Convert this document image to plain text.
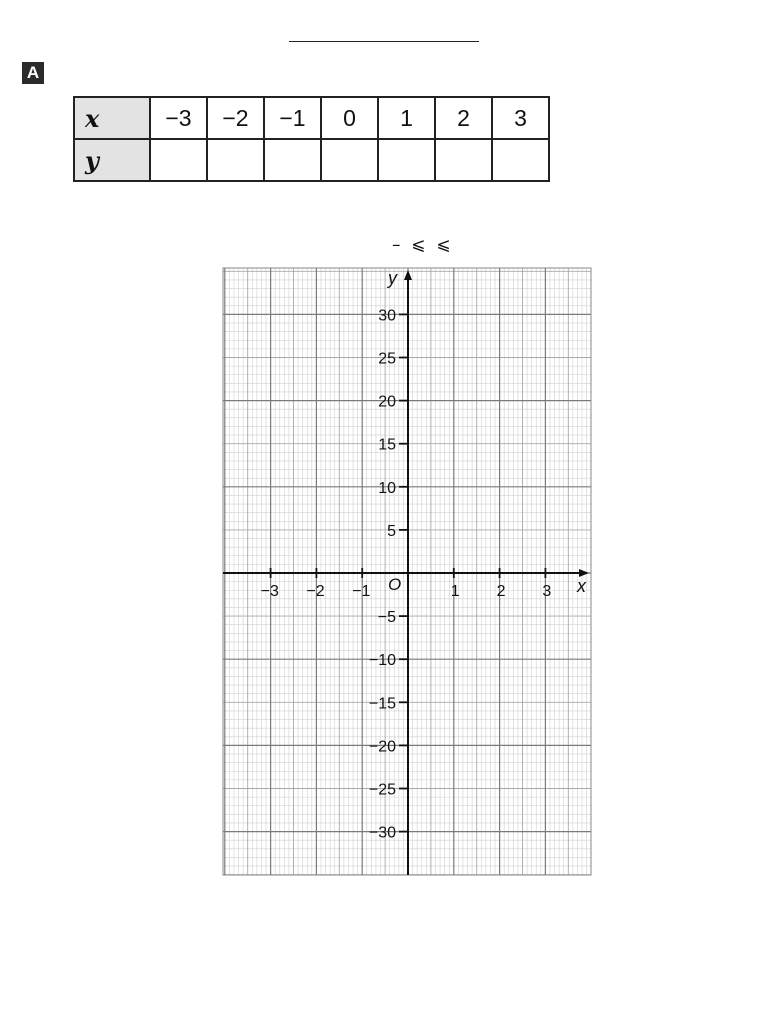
A
x	−3	−2	−1	0	1	2	3
y							
–  ⩽  ⩽
x
y
O
−3 −2 −1	1 2 3
30
25
20
15
10
5
−5
−10
−15
−20
−25
−30
